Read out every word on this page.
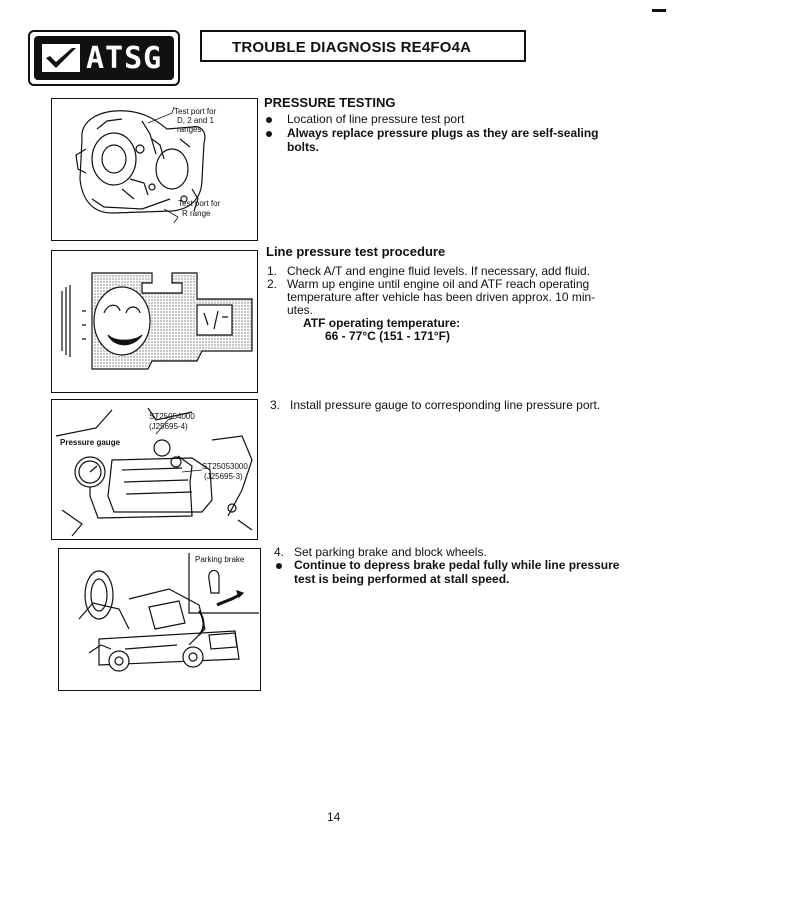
ATSG	TROUBLE DIAGNOSIS RE4FO4A
Test port for
D, 2 and 1
ranges
Test port for
R range
ST25054000
(J25695-4)
Pressure gauge
ST25053000
(J25695-3)
Parking brake
PRESSURE TESTING
Location of line pressure test port
Always replace pressure plugs as they are self-sealing
bolts.
Line pressure test procedure
1. Check A/T and engine fluid levels. If necessary, add fluid.
2. Warm up engine until engine oil and ATF reach operating
temperature after vehicle has been driven approx. 10 min-
utes.
ATF operating temperature:
66 - 77°C (151 - 171°F)
3. Install pressure gauge to corresponding line pressure port.
4. Set parking brake and block wheels.
Continue to depress brake pedal fully while line pressure
test is being performed at stall speed.
14
